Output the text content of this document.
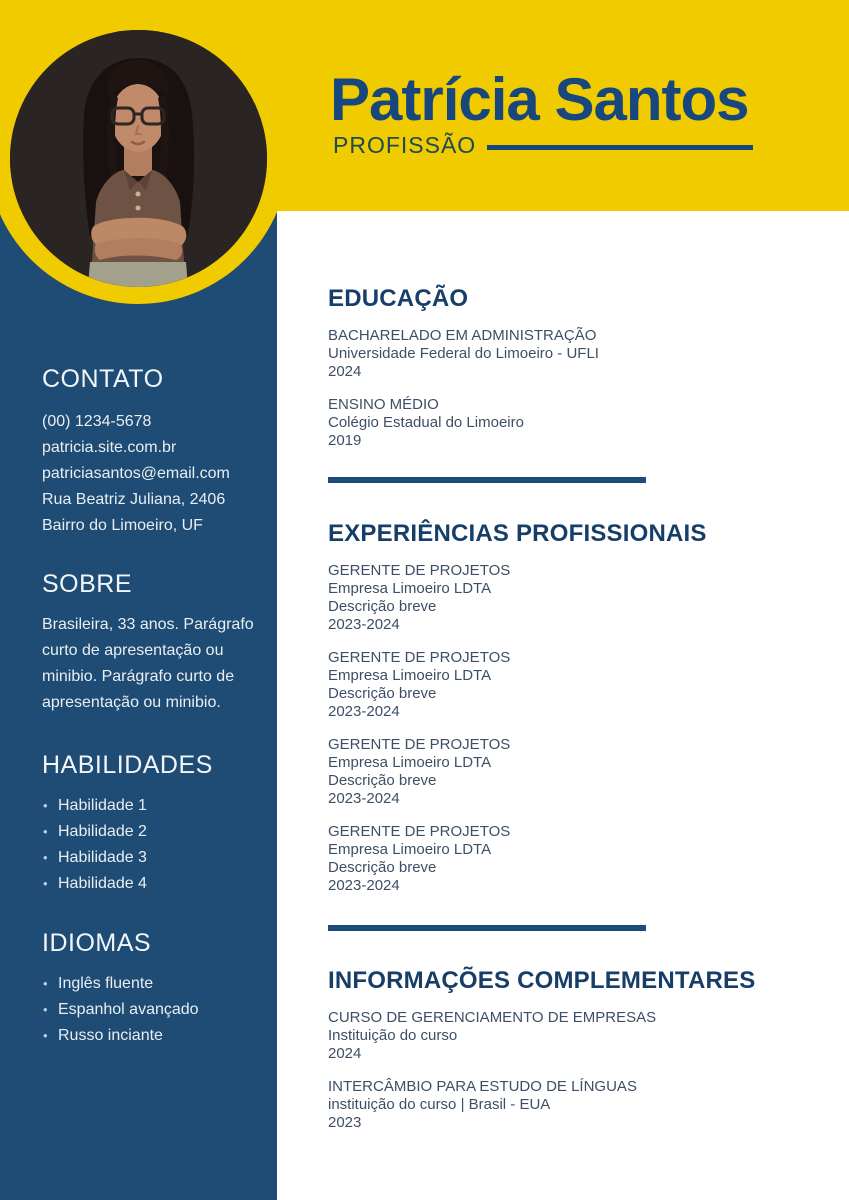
Patrícia Santos
PROFISSÃO
CONTATO
(00) 1234-5678
patricia.site.com.br
patriciasantos@email.com
Rua Beatriz Juliana, 2406
Bairro do Limoeiro, UF
SOBRE

Brasileira, 33 anos. Parágrafo curto de apresentação ou minibio. Parágrafo curto de apresentação ou minibio.

HABILIDADES
• Habilidade 1
• Habilidade 2
• Habilidade 3
• Habilidade 4
IDIOMAS
• Inglês fluente
• Espanhol avançado
• Russo inciante
EDUCAÇÃO
BACHARELADO EM ADMINISTRAÇÃO
Universidade Federal do Limoeiro - UFLI
2024
ENSINO MÉDIO
Colégio Estadual do Limoeiro
2019
EXPERIÊNCIAS PROFISSIONAIS
GERENTE DE PROJETOS
Empresa Limoeiro LDTA
Descrição breve
2023-2024
GERENTE DE PROJETOS
Empresa Limoeiro LDTA
Descrição breve
2023-2024
GERENTE DE PROJETOS
Empresa Limoeiro LDTA
Descrição breve
2023-2024
GERENTE DE PROJETOS
Empresa Limoeiro LDTA
Descrição breve
2023-2024
INFORMAÇÕES COMPLEMENTARES
CURSO DE GERENCIAMENTO DE EMPRESAS
Instituição do curso
2024
INTERCÂMBIO PARA ESTUDO DE LÍNGUAS
instituição do curso | Brasil - EUA
2023
